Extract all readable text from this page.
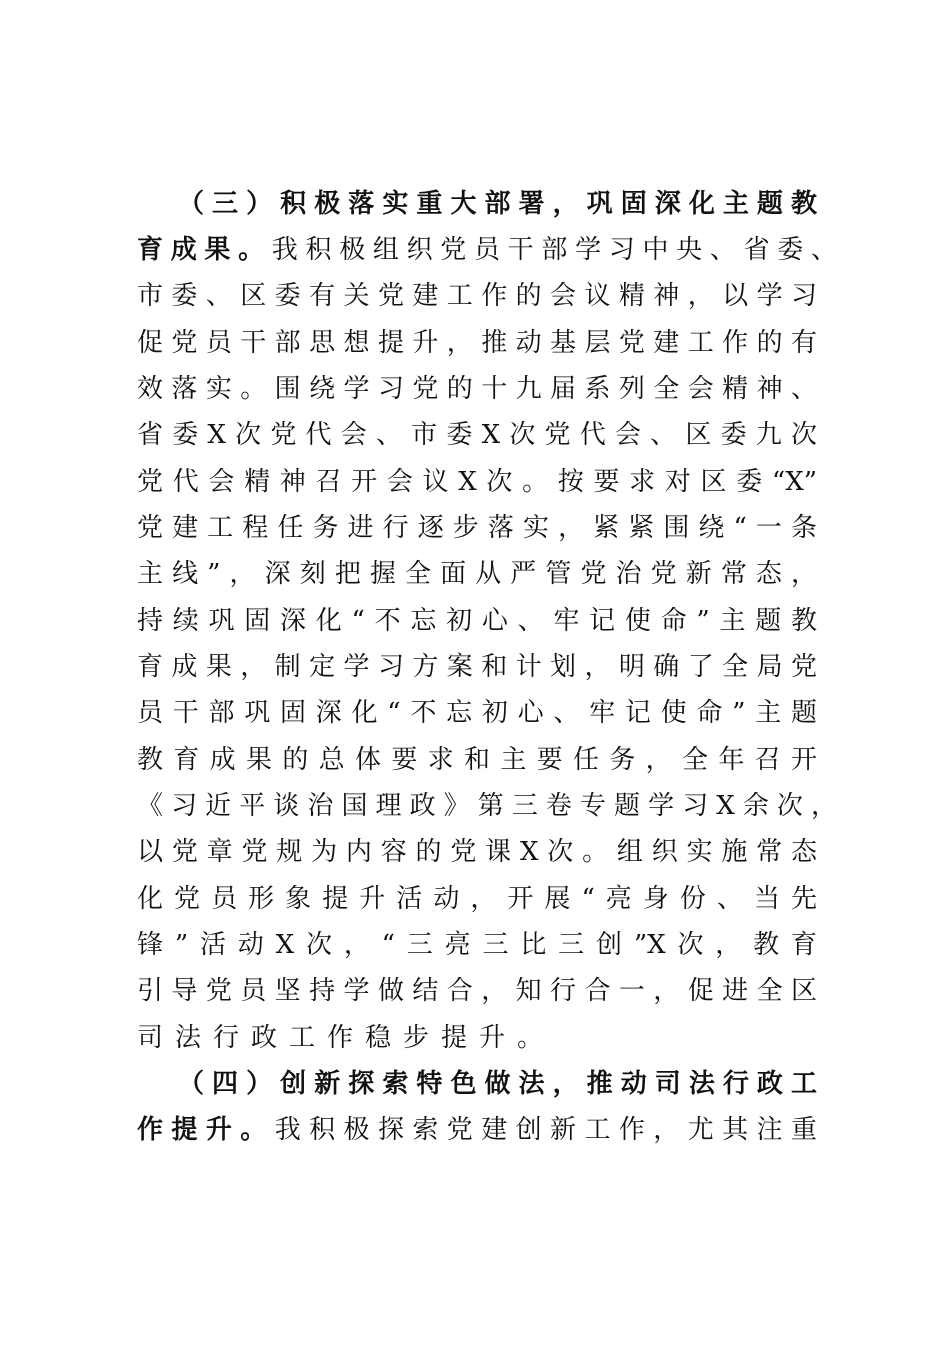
（三）积极落实重大部署，巩固深化主题教
育成果。我积极组织党员干部学习中央、省委、
市委、区委有关党建工作的会议精神，以学习
促党员干部思想提升，推动基层党建工作的有
效落实。围绕学习党的十九届系列全会精神、
省委X次党代会、市委X次党代会、区委九次
党代会精神召开会议X次。按要求对区委“X”
党建工程任务进行逐步落实，紧紧围绕“一条
主线”，深刻把握全面从严管党治党新常态，
持续巩固深化“不忘初心、牢记使命”主题教
育成果，制定学习方案和计划，明确了全局党
员干部巩固深化“不忘初心、牢记使命”主题
教育成果的总体要求和主要任务，全年召开
《习近平谈治国理政》第三卷专题学习X余次，
以党章党规为内容的党课X次。组织实施常态
化党员形象提升活动，开展“亮身份、当先
锋”活动X次，“三亮三比三创”X次，教育
引导党员坚持学做结合，知行合一，促进全区
司法行政工作稳步提升。
（四）创新探索特色做法，推动司法行政工
作提升。我积极探索党建创新工作，尤其注重
